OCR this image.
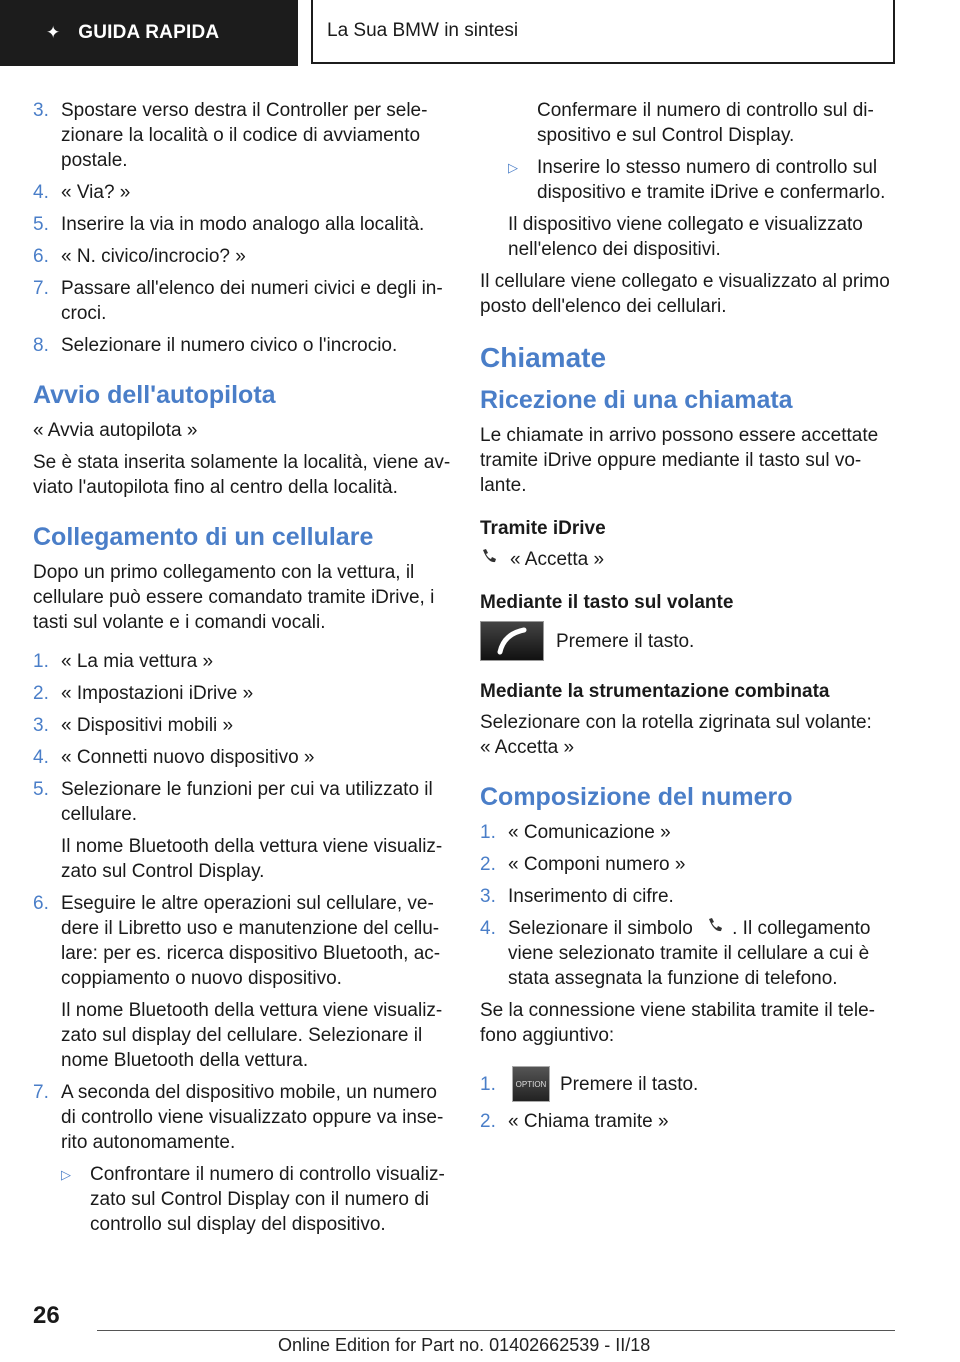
✦ GUIDA RAPIDA	La Sua BMW in sintesi
3. Spostare verso destra il Controller per sele-zionare la località o il codice di avviamento postale.
4. « Via? »
5. Inserire la via in modo analogo alla località.
6. « N. civico/incrocio? »
7. Passare all'elenco dei numeri civici e degli in-croci.
8. Selezionare il numero civico o l'incrocio.
Avvio dell'autopilota
« Avvia autopilota »
Se è stata inserita solamente la località, viene av-viato l'autopilota fino al centro della località.
Collegamento di un cellulare
Dopo un primo collegamento con la vettura, il cellulare può essere comandato tramite iDrive, i tasti sul volante e i comandi vocali.
1. « La mia vettura »
2. « Impostazioni iDrive »
3. « Dispositivi mobili »
4. « Connetti nuovo dispositivo »
5. Selezionare le funzioni per cui va utilizzato il cellulare.
Il nome Bluetooth della vettura viene visualiz-zato sul Control Display.
6. Eseguire le altre operazioni sul cellulare, ve-dere il Libretto uso e manutenzione del cellu-lare: per es. ricerca dispositivo Bluetooth, ac-coppiamento o nuovo dispositivo.
Il nome Bluetooth della vettura viene visualiz-zato sul display del cellulare. Selezionare il nome Bluetooth della vettura.
7. A seconda del dispositivo mobile, un numero di controllo viene visualizzato oppure va inse-rito autonomamente.
▷	Confrontare il numero di controllo visualiz-zato sul Control Display con il numero di controllo sul display del dispositivo.
Confermare il numero di controllo sul di-spositivo e sul Control Display.
▷	Inserire lo stesso numero di controllo sul dispositivo e tramite iDrive e confermarlo.
Il dispositivo viene collegato e visualizzato nell'elenco dei dispositivi.
Il cellulare viene collegato e visualizzato al primo posto dell'elenco dei cellulari.
Chiamate
Ricezione di una chiamata
Le chiamate in arrivo possono essere accettate tramite iDrive oppure mediante il tasto sul vo-lante.
Tramite iDrive
« Accetta »
Mediante il tasto sul volante
Premere il tasto.
Mediante la strumentazione combinata
Selezionare con la rotella zigrinata sul volante:
« Accetta »
Composizione del numero
1. « Comunicazione »
2. « Componi numero »
3. Inserimento di cifre.
4. Selezionare il simbolo . Il collegamento viene selezionato tramite il cellulare a cui è stata assegnata la funzione di telefono.
Se la connessione viene stabilita tramite il tele-fono aggiuntivo:
1.	OPTION Premere il tasto.
2. « Chiama tramite »
26
Online Edition for Part no. 01402662539 - II/18
